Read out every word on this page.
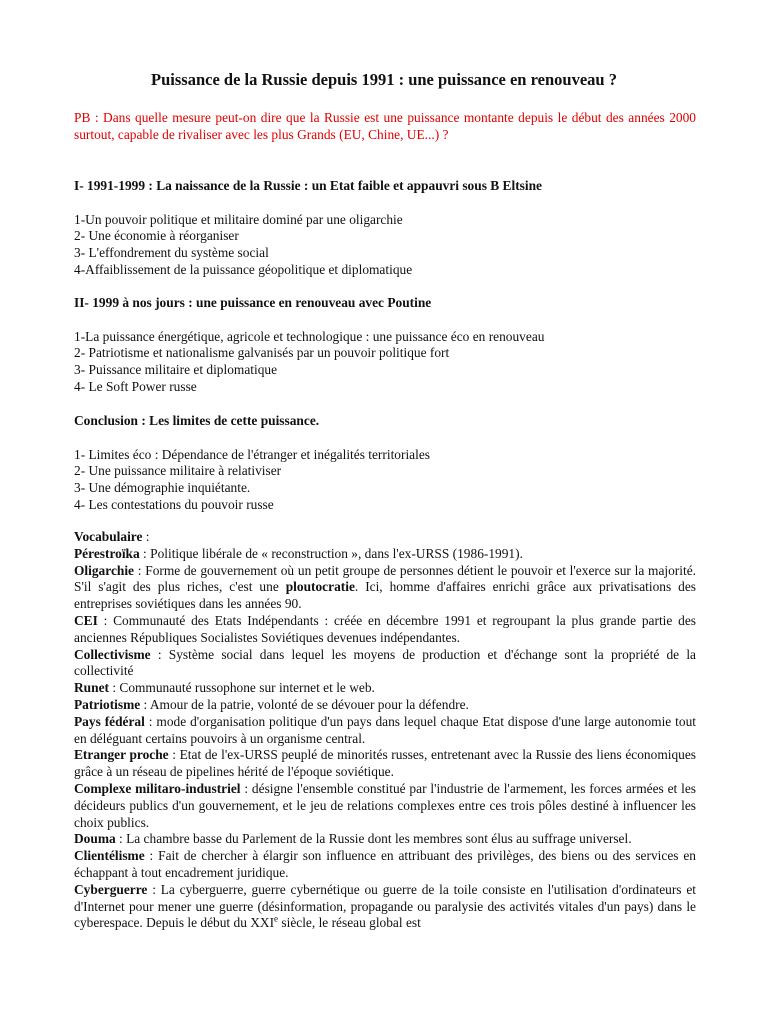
Puissance de la Russie depuis 1991 : une puissance en renouveau ?
PB : Dans quelle mesure peut-on dire que la Russie est une puissance montante depuis le début des années 2000 surtout, capable de rivaliser avec les plus Grands (EU, Chine, UE...) ?

I- 1991-1999 : La naissance de la Russie : un Etat faible et appauvri sous B Eltsine

1-Un pouvoir politique et militaire dominé par une oligarchie
2- Une économie à réorganiser
3- L'effondrement du système social
4-Affaiblissement de la puissance géopolitique et diplomatique

II- 1999 à nos jours : une puissance en renouveau avec Poutine

1-La puissance énergétique, agricole et technologique : une puissance éco en renouveau
2- Patriotisme et nationalisme galvanisés par un pouvoir politique fort
3- Puissance militaire et diplomatique
4- Le Soft Power russe

Conclusion : Les limites de cette puissance.

1- Limites éco : Dépendance de l'étranger et inégalités territoriales
2- Une puissance militaire à relativiser
3- Une démographie inquiétante.
4- Les contestations du pouvoir russe

Vocabulaire :

Pérestroïka : Politique libérale de « reconstruction », dans l'ex-URSS (1986-1991).

Oligarchie : Forme de gouvernement où un petit groupe de personnes détient le pouvoir et l'exerce sur la majorité. S'il s'agit des plus riches, c'est une ploutocratie. Ici, homme d'affaires enrichi grâce aux privatisations des entreprises soviétiques dans les années 90.

CEI : Communauté des Etats Indépendants : créée en décembre 1991 et regroupant la plus grande partie des anciennes Républiques Socialistes Soviétiques devenues indépendantes.

Collectivisme : Système social dans lequel les moyens de production et d'échange sont la propriété de la collectivité

Runet : Communauté russophone sur internet et le web.

Patriotisme : Amour de la patrie, volonté de se dévouer pour la défendre.

Pays fédéral : mode d'organisation politique d'un pays dans lequel chaque Etat dispose d'une large autonomie tout en déléguant certains pouvoirs à un organisme central.

Etranger proche : Etat de l'ex-URSS peuplé de minorités russes, entretenant avec la Russie des liens économiques grâce à un réseau de pipelines hérité de l'époque soviétique.

Complexe militaro-industriel : désigne l'ensemble constitué par l'industrie de l'armement, les forces armées et les décideurs publics d'un gouvernement, et le jeu de relations complexes entre ces trois pôles destiné à influencer les choix publics.

Douma : La chambre basse du Parlement de la Russie dont les membres sont élus au suffrage universel.

Clientélisme : Fait de chercher à élargir son influence en attribuant des privilèges, des biens ou des services en échappant à tout encadrement juridique.

Cyberguerre : La cyberguerre, guerre cybernétique ou guerre de la toile consiste en l'utilisation d'ordinateurs et d'Internet pour mener une guerre (désinformation, propagande ou paralysie des activités vitales d'un pays) dans le cyberespace. Depuis le début du XXIe siècle, le réseau global est
